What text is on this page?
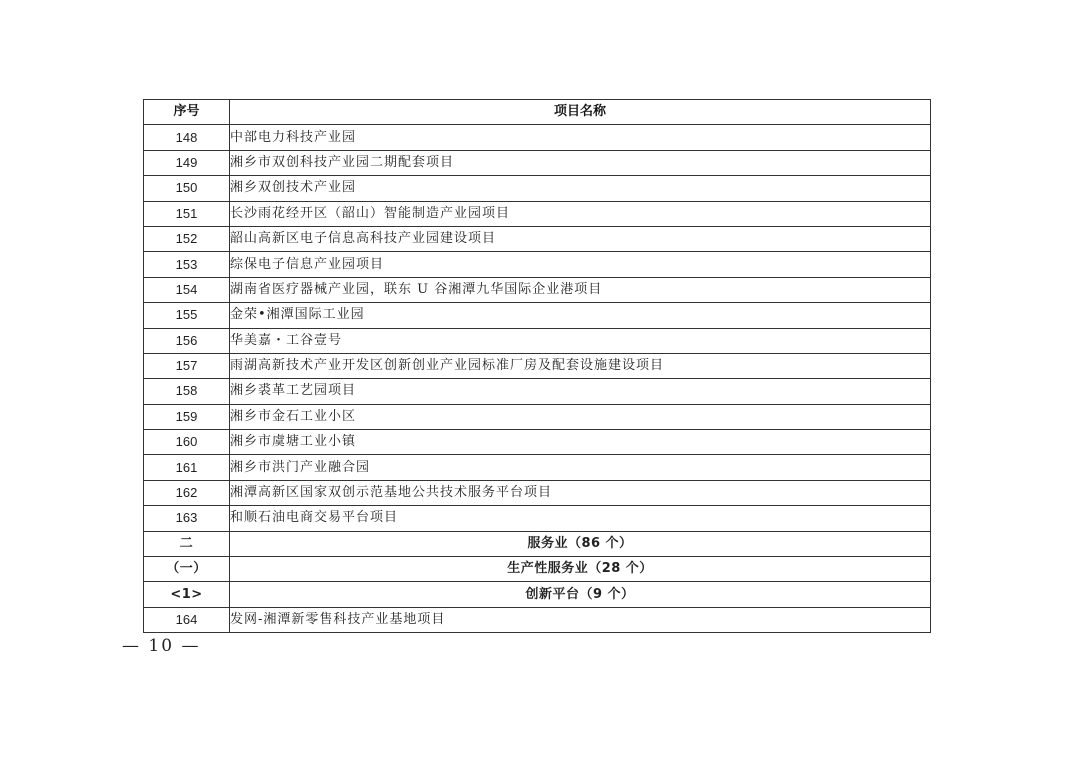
序号	项目名称
148	中部电力科技产业园
149	湘乡市双创科技产业园二期配套项目
150	湘乡双创技术产业园
151	长沙雨花经开区（韶山）智能制造产业园项目
152	韶山高新区电子信息高科技产业园建设项目
153	综保电子信息产业园项目
154	湖南省医疗器械产业园，联东 U 谷湘潭九华国际企业港项目
155	金荣•湘潭国际工业园
156	华美嘉・工谷壹号
157	雨湖高新技术产业开发区创新创业产业园标准厂房及配套设施建设项目
158	湘乡裘革工艺园项目
159	湘乡市金石工业小区
160	湘乡市虞塘工业小镇
161	湘乡市洪门产业融合园
162	湘潭高新区国家双创示范基地公共技术服务平台项目
163	和顺石油电商交易平台项目
二	服务业（86 个）
（一）	生产性服务业（28 个）
<1>	创新平台（9 个）
164	发网-湘潭新零售科技产业基地项目
— 10 —
